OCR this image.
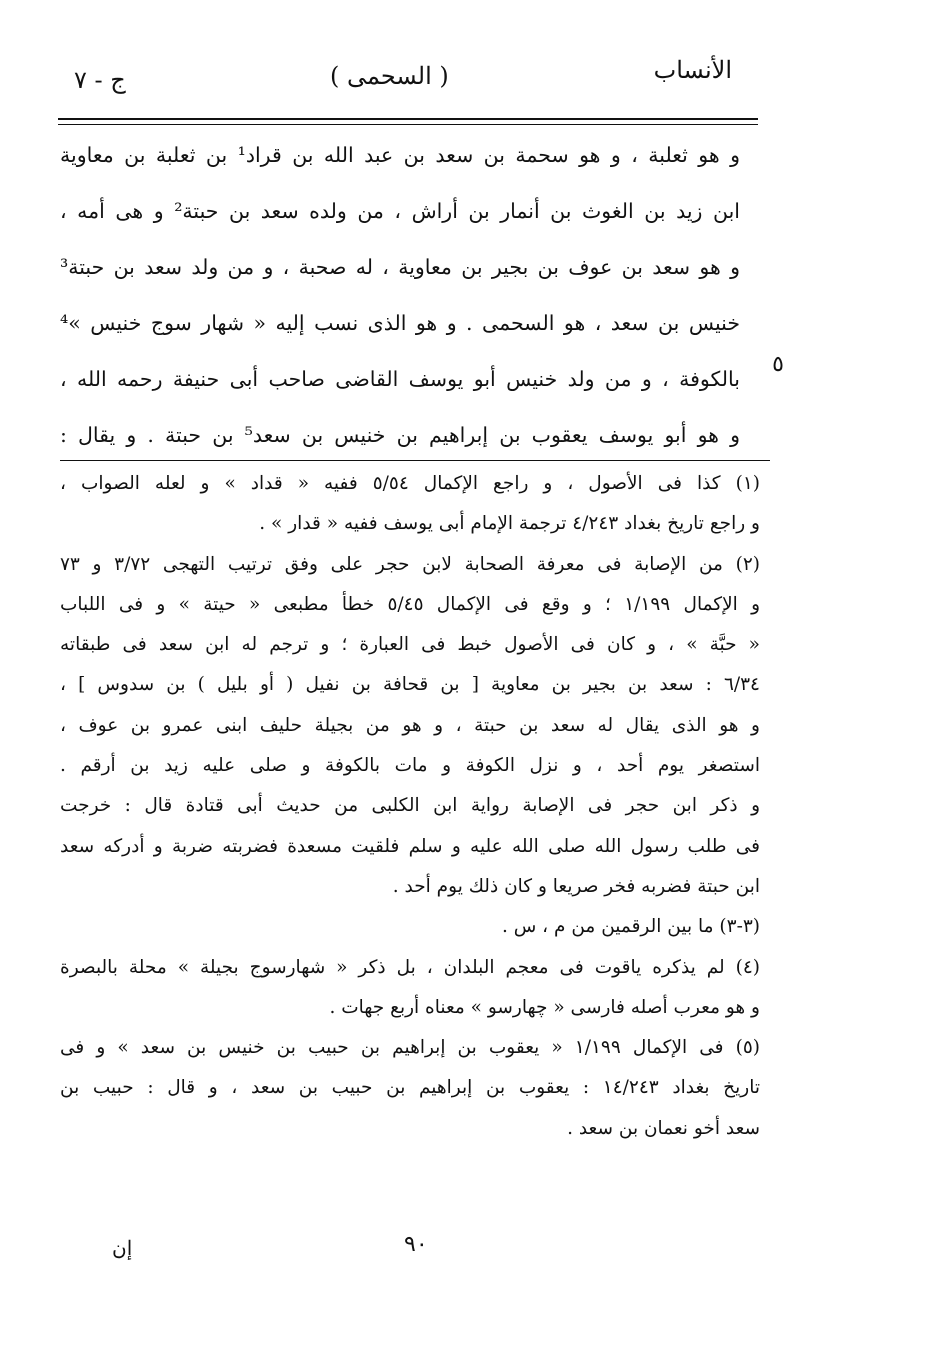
الأنساب
( السحمى )
ج - ٧
و هو ثعلبة ، و هو سحمة بن سعد بن عبد الله بن قراد¹ بن ثعلبة بن معاوية
ابن زيد بن الغوث بن أنمار بن أراش ، من ولده سعد بن حبتة² و هى أمه ،
و هو سعد بن عوف بن بجير بن معاوية ، له صحبة ، و من ولد سعد بن حبتة³
خنيس بن سعد ، هو السحمى . و هو الذى نسب إليه « شهار سوج خنيس »⁴
بالكوفة ، و من ولد خنيس أبو يوسف القاضى صاحب أبى حنيفة رحمه الله ،
و هو أبو يوسف يعقوب بن إبراهيم بن خنيس بن سعد⁵ بن حبتة . و يقال :
٥
(١) كذا فى الأصول ، و راجع الإكمال ٥/٥٤ ففيه « قداد » و لعله الصواب ،
و راجع تاريخ بغداد ٤/٢٤٣ ترجمة الإمام أبى يوسف ففيه « قدار » .
(٢) من الإصابة فى معرفة الصحابة لابن حجر على وفق ترتيب التهجى ٣/٧٢ و ٧٣
و الإكمال ١/١٩٩ ؛ و وقع فى الإكمال ٥/٤٥ خطأ مطبعى « حيتة » و فى اللباب
« حبَّة » ، و كان فى الأصول خبط فى العبارة ؛ و ترجم له ابن سعد فى طبقاته
٦/٣٤ : سعد بن بجير بن معاوية [ بن قحافة بن نفيل ( أو بليل ) بن سدوس ] ،
و هو الذى يقال له سعد بن حبتة ، و هو من بجيلة حليف ابنى عمرو بن عوف ،
استصغر يوم أحد ، و نزل الكوفة و مات بالكوفة و صلى عليه زيد بن أرقم .
و ذكر ابن حجر فى الإصابة رواية ابن الكلبى من حديث أبى قتادة قال : خرجت
فى طلب رسول الله صلى الله عليه و سلم فلقيت مسعدة فضربته ضربة و أدركه سعد
ابن حبتة فضربه فخر صريعا و كان ذلك يوم أحد .
(٣-٣) ما بين الرقمين من م ، س .
(٤) لم يذكره ياقوت فى معجم البلدان ، بل ذكر « شهارسوج بجيلة » محلة بالبصرة
و هو معرب أصله فارسى « چهارسو » معناه أربع جهات .
(٥) فى الإكمال ١/١٩٩ « يعقوب بن إبراهيم بن حبيب بن خنيس بن سعد » و فى
تاريخ بغداد ١٤/٢٤٣ : يعقوب بن إبراهيم بن حبيب بن سعد ، و قال : حبيب بن
سعد أخو نعمان بن سعد .
٩٠
إن
